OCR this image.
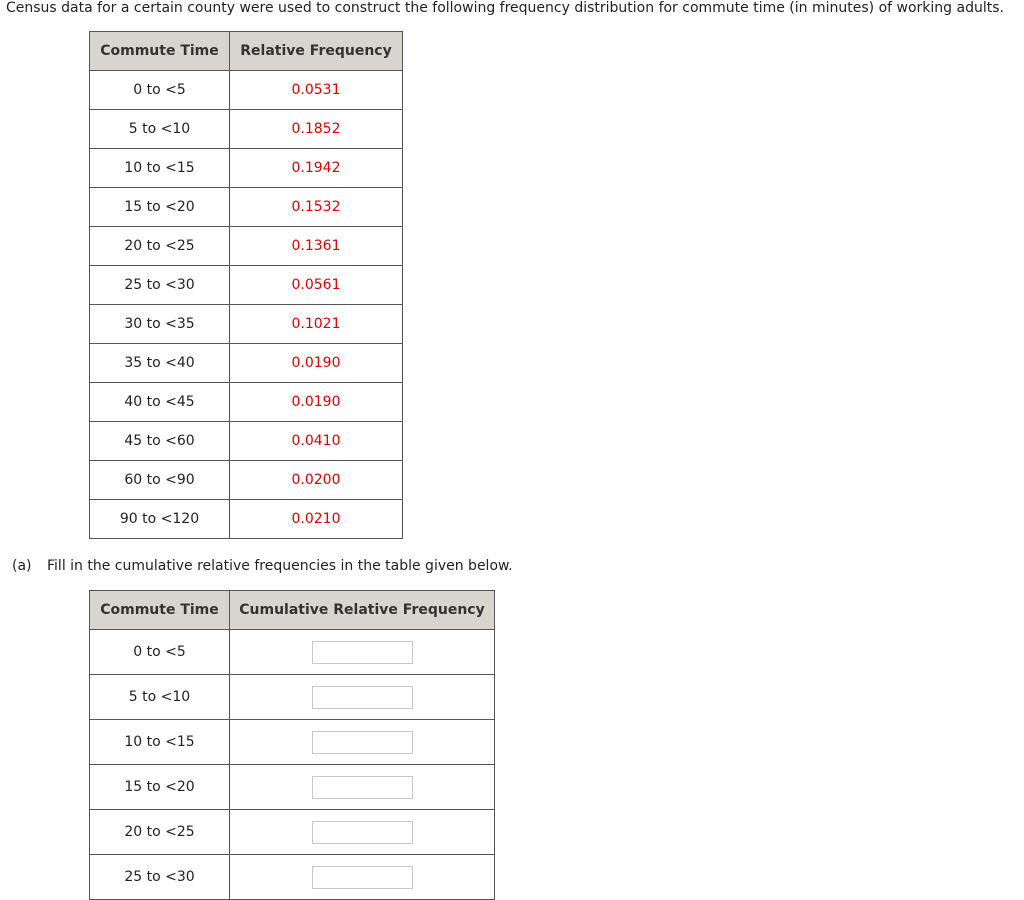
Census data for a certain county were used to construct the following frequency distribution for commute time (in minutes) of working adults.
Commute Time	Relative Frequency
0 to <5	0.0531
5 to <10	0.1852
10 to <15	0.1942
15 to <20	0.1532
20 to <25	0.1361
25 to <30	0.0561
30 to <35	0.1021
35 to <40	0.0190
40 to <45	0.0190
45 to <60	0.0410
60 to <90	0.0200
90 to <120	0.0210
(a) Fill in the cumulative relative frequencies in the table given below.
Commute Time	Cumulative Relative Frequency
0 to <5	
5 to <10	
10 to <15	
15 to <20	
20 to <25	
25 to <30	
